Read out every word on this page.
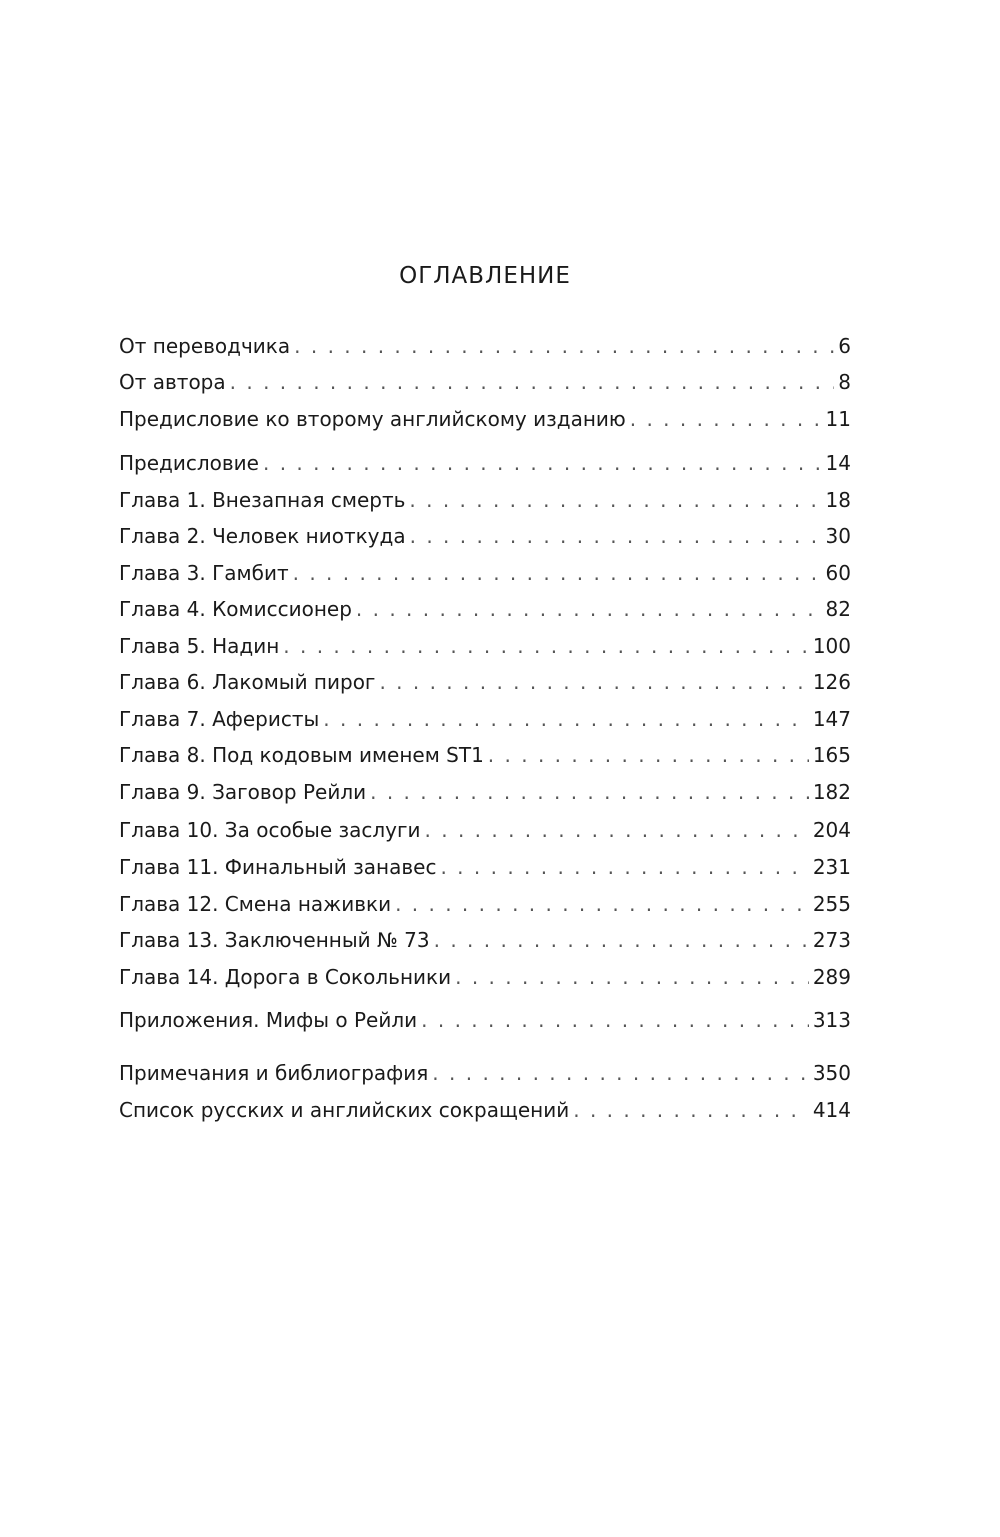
ОГЛАВЛЕНИЕ
От переводчика . . .	6
От автора . . .	8
Предисловие ко второму английскому изданию . . .	11
Предисловие . . .	14
Глава 1. Внезапная смерть . . .	18
Глава 2. Человек ниоткуда . . .	30
Глава 3. Гамбит . . .	60
Глава 4. Комиссионер . . .	82
Глава 5. Надин . . .	100
Глава 6. Лакомый пирог . . .	126
Глава 7. Аферисты . . .	147
Глава 8. Под кодовым именем ST1 . . .	165
Глава 9. Заговор Рейли . . .	182
Глава 10. За особые заслуги . . .	204
Глава 11. Финальный занавес . . .	231
Глава 12. Смена наживки . . .	255
Глава 13. Заключенный № 73 . . .	273
Глава 14. Дорога в Сокольники . . .	289
Приложения. Мифы о Рейли . . .	313
Примечания и библиография . . .	350
Список русских и английских сокращений . . .	414
